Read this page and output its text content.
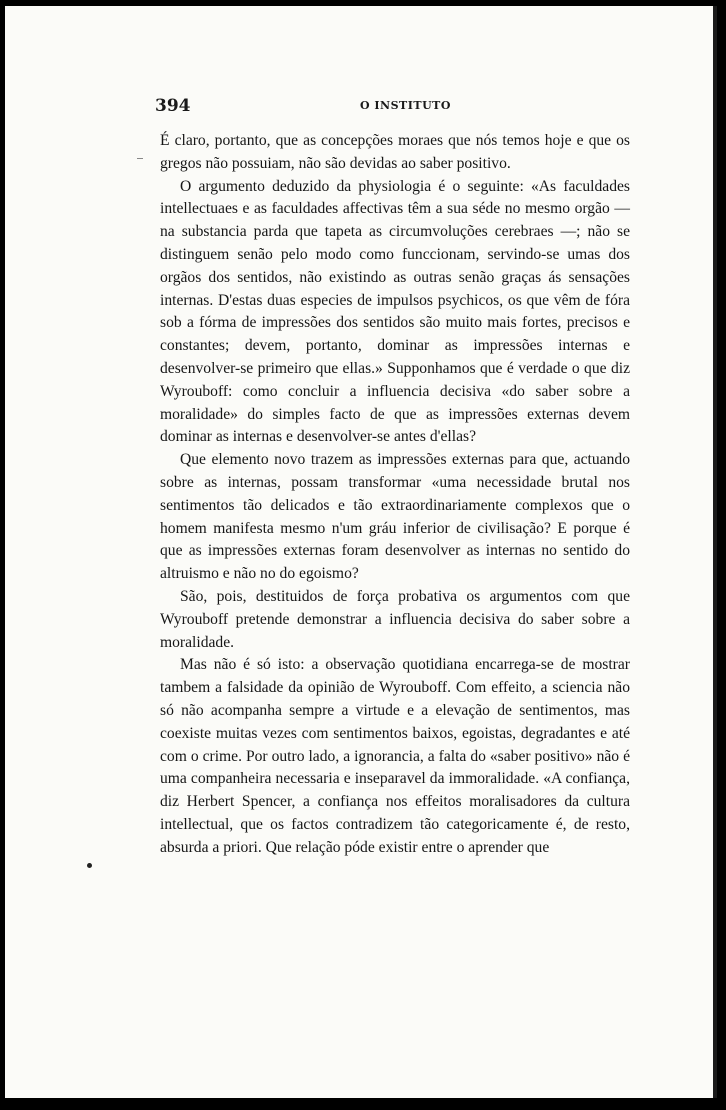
394	O INSTITUTO

É claro, portanto, que as concepções moraes que nós temos hoje e que os gregos não possuiam, não são devidas ao saber positivo.

O argumento deduzido da physiologia é o seguinte: «As faculdades intellectuaes e as faculdades affectivas têm a sua séde no mesmo orgão — na substancia parda que tapeta as circumvoluções cerebraes —; não se distinguem senão pelo modo como funccionam, servindo-se umas dos orgãos dos sentidos, não existindo as outras senão graças ás sensações internas. D'estas duas especies de impulsos psychicos, os que vêm de fóra sob a fórma de impressões dos sentidos são muito mais fortes, precisos e constantes; devem, portanto, dominar as impressões internas e desenvolver-se primeiro que ellas.» Supponhamos que é verdade o que diz Wyrouboff: como concluir a influencia decisiva «do saber sobre a moralidade» do simples facto de que as impressões externas devem dominar as internas e desenvolver-se antes d'ellas?

Que elemento novo trazem as impressões externas para que, actuando sobre as internas, possam transformar «uma necessidade brutal nos sentimentos tão delicados e tão extraordinariamente complexos que o homem manifesta mesmo n'um gráu inferior de civilisação? E porque é que as impressões externas foram desenvolver as internas no sentido do altruismo e não no do egoismo?

São, pois, destituidos de força probativa os argumentos com que Wyrouboff pretende demonstrar a influencia decisiva do saber sobre a moralidade.

Mas não é só isto: a observação quotidiana encarrega-se de mostrar tambem a falsidade da opinião de Wyrouboff. Com effeito, a sciencia não só não acompanha sempre a virtude e a elevação de sentimentos, mas coexiste muitas vezes com sentimentos baixos, egoistas, degradantes e até com o crime. Por outro lado, a ignorancia, a falta do «saber positivo» não é uma companheira necessaria e inseparavel da immoralidade. «A confiança, diz Herbert Spencer, a confiança nos effeitos moralisadores da cultura intellectual, que os factos contradizem tão categoricamente é, de resto, absurda a priori. Que relação póde existir entre o aprender que
